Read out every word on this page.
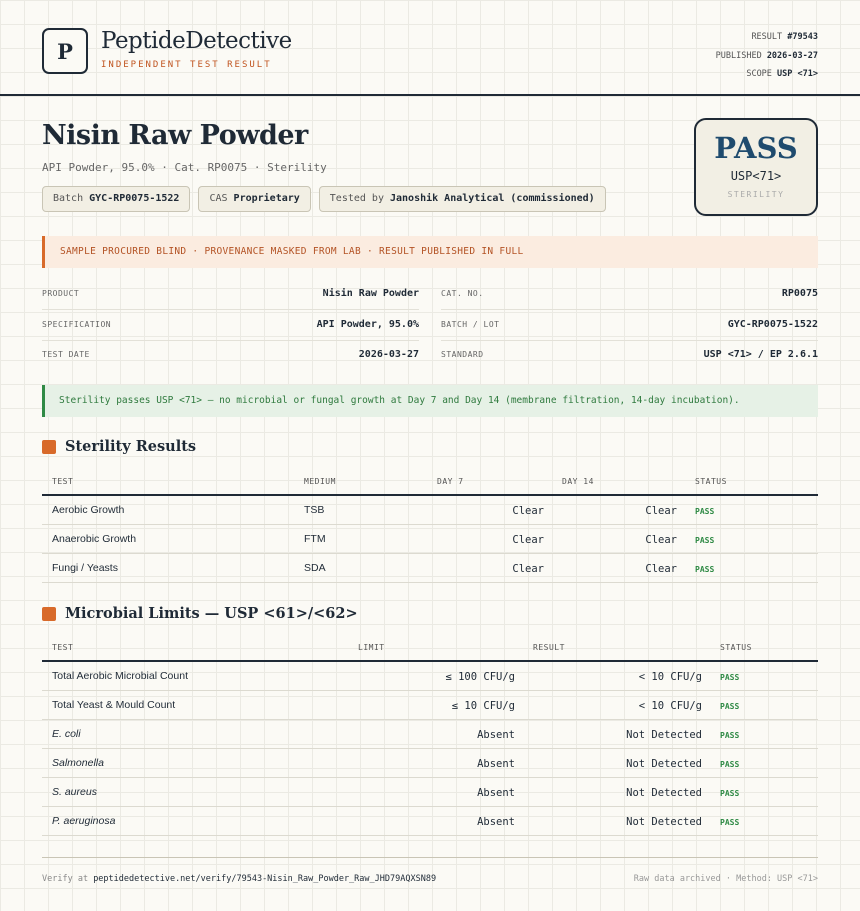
P PeptideDetective
INDEPENDENT TEST RESULT
RESULT #79543
PUBLISHED 2026-03-27
SCOPE USP <71>
Nisin Raw Powder
API Powder, 95.0% · Cat. RP0075 · Sterility
Batch GYC-RP0075-1522	CAS Proprietary	Tested by Janoshik Analytical (commissioned)
PASS
USP<71>
STERILITY
SAMPLE PROCURED BLIND · PROVENANCE MASKED FROM LAB · RESULT PUBLISHED IN FULL
PRODUCT	Nisin Raw Powder	CAT. NO.	RP0075
SPECIFICATION	API Powder, 95.0%	BATCH / LOT	GYC-RP0075-1522
TEST DATE	2026-03-27	STANDARD	USP <71> / EP 2.6.1
Sterility passes USP <71> — no microbial or fungal growth at Day 7 and Day 14 (membrane filtration, 14-day incubation).
Sterility Results
TEST	MEDIUM	DAY 7	DAY 14	STATUS
Aerobic Growth	TSB	Clear	Clear PASS
Anaerobic Growth	FTM	Clear	Clear PASS
Fungi / Yeasts	SDA	Clear	Clear PASS
Microbial Limits — USP <61>/<62>
TEST	LIMIT	RESULT	STATUS
Total Aerobic Microbial Count	≤ 100 CFU/g	< 10 CFU/g PASS
Total Yeast & Mould Count	≤ 10 CFU/g	< 10 CFU/g PASS
E. coli	Absent	Not Detected PASS
Salmonella	Absent	Not Detected PASS
S. aureus	Absent	Not Detected PASS
P. aeruginosa	Absent	Not Detected PASS
Verify at peptidedetective.net/verify/79543-Nisin_Raw_Powder_Raw_JHD79AQXSN89	Raw data archived · Method: USP <71>
